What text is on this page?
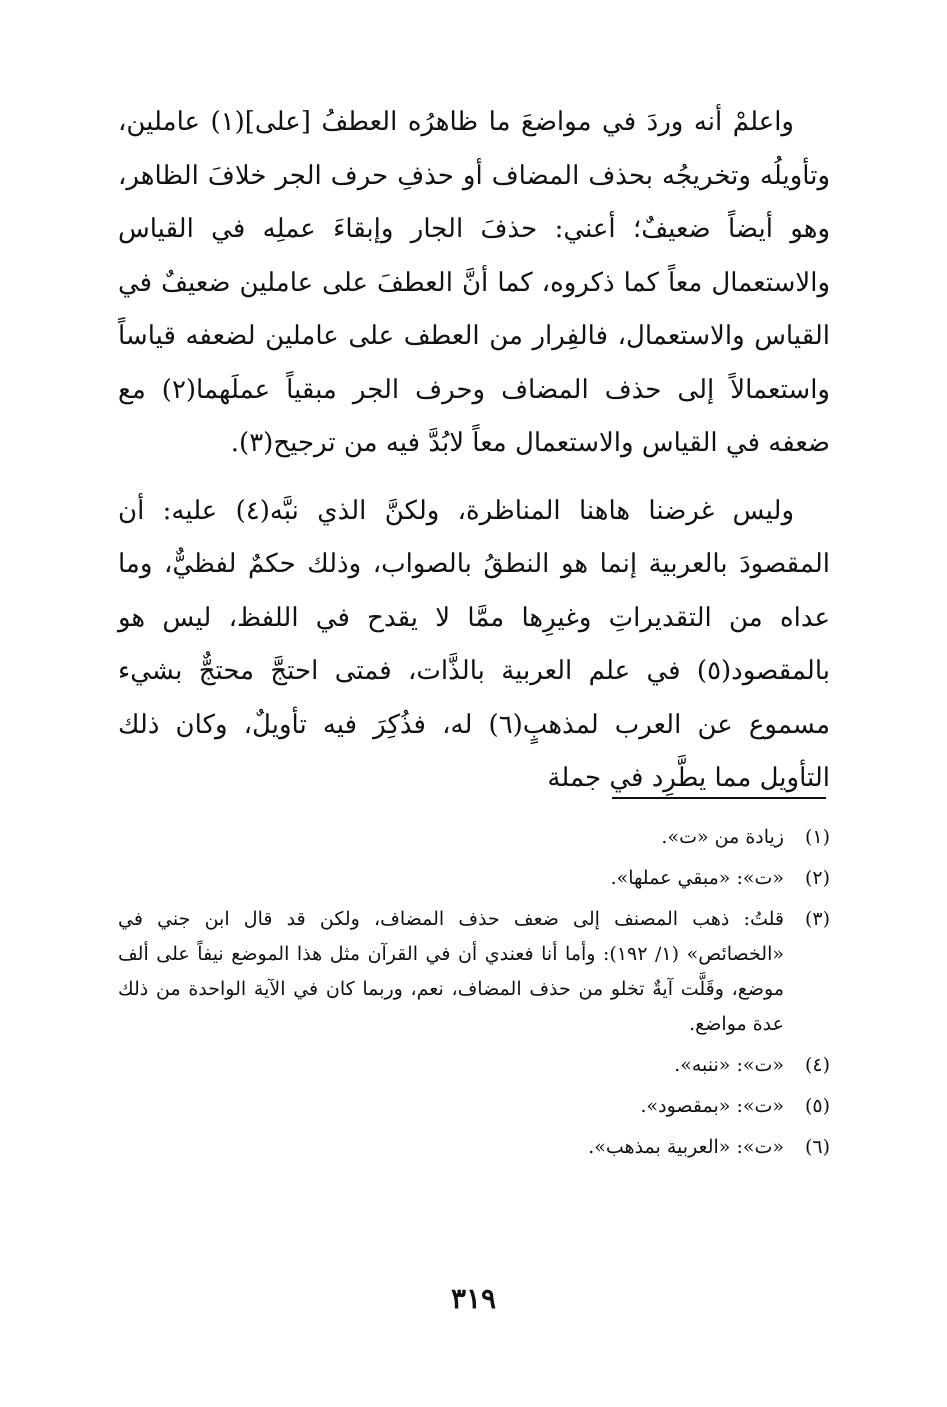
واعلمْ أنه وردَ في مواضعَ ما ظاهرُه العطفُ [على](١) عاملين، وتأويلُه وتخريجُه بحذف المضاف أو حذفِ حرف الجر خلافَ الظاهر، وهو أيضاً ضعيفٌ؛ أعني: حذفَ الجار وإبقاءَ عملِه في القياس والاستعمال معاً كما ذكروه، كما أنَّ العطفَ على عاملين ضعيفٌ في القياس والاستعمال، فالفِرار من العطف على عاملين لضعفه قياساً واستعمالاً إلى حذف المضاف وحرف الجر مبقياً عملَهما(٢) مع ضعفه في القياس والاستعمال معاً لابُدَّ فيه من ترجيح(٣).

وليس غرضنا هاهنا المناظرة، ولكنَّ الذي نبَّه(٤) عليه: أن المقصودَ بالعربية إنما هو النطقُ بالصواب، وذلك حكمٌ لفظيٌّ، وما عداه من التقديراتِ وغيرِها ممَّا لا يقدح في اللفظ، ليس هو بالمقصود(٥) في علم العربية بالذَّات، فمتى احتجَّ محتجٌّ بشيء مسموع عن العرب لمذهبٍ(٦) له، فذُكِرَ فيه تأويلٌ، وكان ذلك التأويل مما يطَّرِد في جملة

(١)
زيادة من «ت».
(٢)
«ت»: «مبقي عملها».
(٣)
قلتُ: ذهب المصنف إلى ضعف حذف المضاف، ولكن قد قال ابن جني في «الخصائص» (١/ ١٩٢): وأما أنا فعندي أن في القرآن مثل هذا الموضع نيفاً على ألف موضع، وقَلَّت آيةٌ تخلو من حذف المضاف، نعم، وربما كان في الآية الواحدة من ذلك عدة مواضع.
(٤)
«ت»: «ننبه».
(٥)
«ت»: «بمقصود».
(٦)
«ت»: «العربية بمذهب».
٣١٩
